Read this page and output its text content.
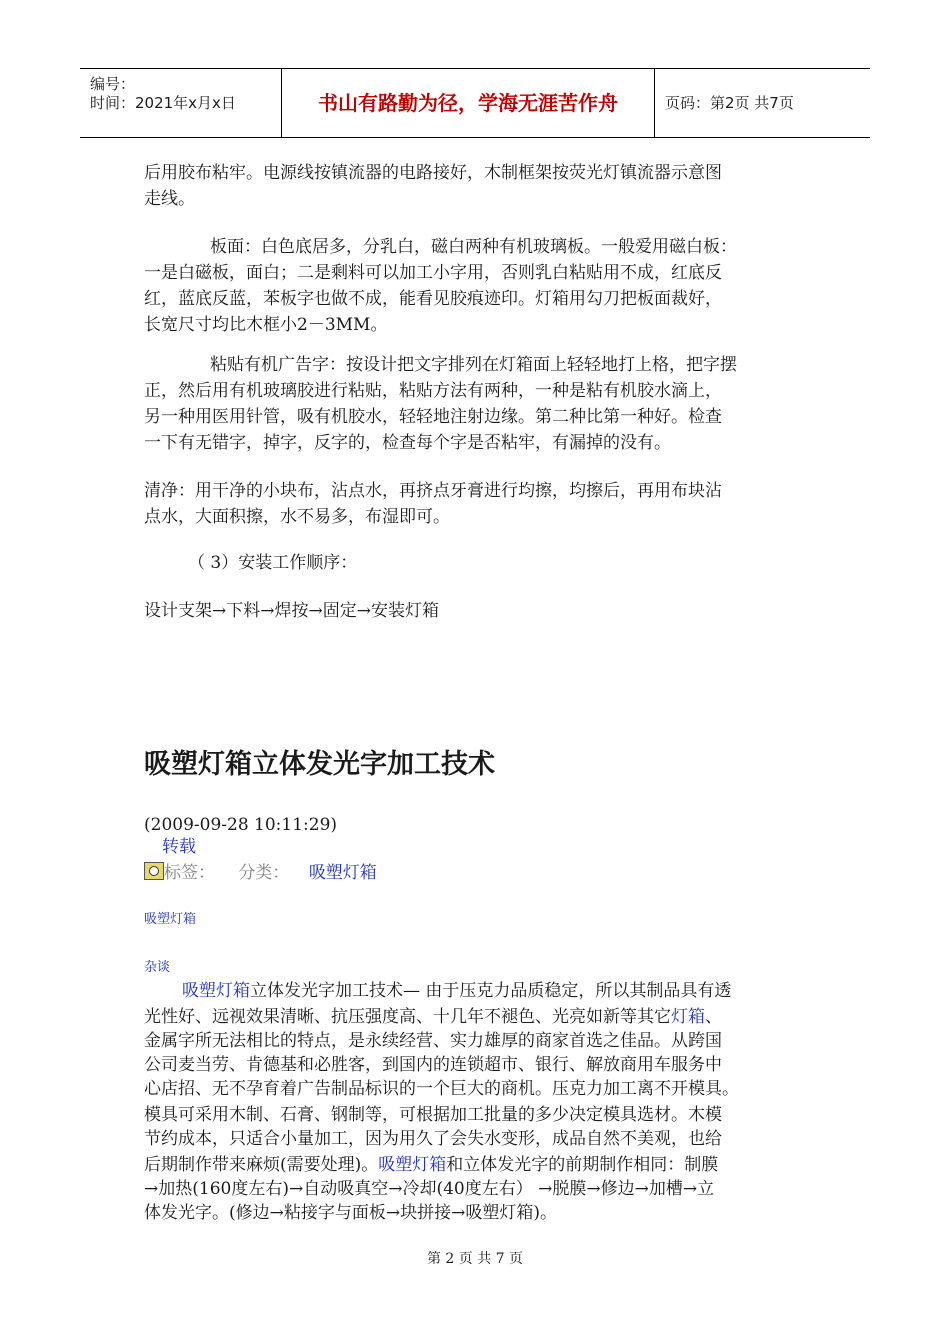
编号：
时间：2021年x月x日	书山有路勤为径，学海无涯苦作舟	页码：第2页 共7页

后用胶布粘牢。电源线按镇流器的电路接好，木制框架按荧光灯镇流器示意图

走线。

板面：白色底居多，分乳白，磁白两种有机玻璃板。一般爱用磁白板：

一是白磁板，面白；二是剩料可以加工小字用，否则乳白粘贴用不成，红底反

红，蓝底反蓝，苯板字也做不成，能看见胶痕迹印。灯箱用勾刀把板面裁好，

长宽尺寸均比木框小2－3MM。

粘贴有机广告字：按设计把文字排列在灯箱面上轻轻地打上格，把字摆

正，然后用有机玻璃胶进行粘贴，粘贴方法有两种，一种是粘有机胶水滴上，

另一种用医用针管，吸有机胶水，轻轻地注射边缘。第二种比第一种好。检查

一下有无错字，掉字，反字的，检查每个字是否粘牢，有漏掉的没有。

清净：用干净的小块布，沾点水，再挤点牙膏进行均擦，均擦后，再用布块沾

点水，大面积擦，水不易多，布湿即可。

（ 3）安装工作顺序：

设计支架→下料→焊按→固定→安装灯箱

吸塑灯箱立体发光字加工技术

(2009-09-28 10:11:29)

转载

标签： 分类： 吸塑灯箱
吸塑灯箱
杂谈

吸塑灯箱立体发光字加工技术— 由于压克力品质稳定，所以其制品具有透

光性好、远视效果清晰、抗压强度高、十几年不褪色、光亮如新等其它灯箱、

金属字所无法相比的特点，是永续经营、实力雄厚的商家首选之佳品。从跨国

公司麦当劳、肯德基和必胜客，到国内的连锁超市、银行、解放商用车服务中

心店招、无不孕育着广告制品标识的一个巨大的商机。压克力加工离不开模具。

模具可采用木制、石膏、钢制等，可根据加工批量的多少决定模具选材。木模

节约成本，只适合小量加工，因为用久了会失水变形，成品自然不美观，也给

后期制作带来麻烦(需要处理)。吸塑灯箱和立体发光字的前期制作相同：制膜

→加热(160度左右)→自动吸真空→冷却(40度左右） →脱膜→修边→加槽→立

体发光字。(修边→粘接字与面板→块拼接→吸塑灯箱)。

第 2 页 共 7 页
